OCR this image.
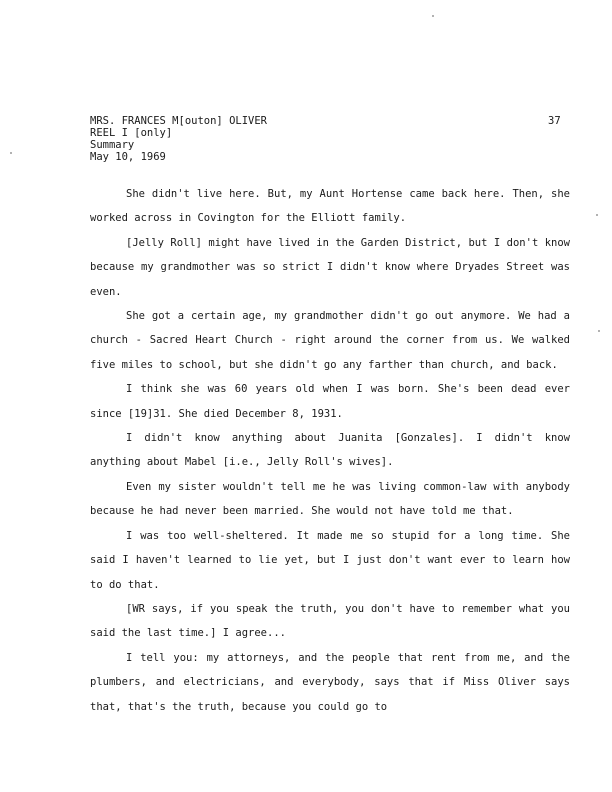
MRS. FRANCES M[outon] OLIVER
REEL I [only]
Summary
May 10, 1969
37

She didn't live here. But, my Aunt Hortense came back here. Then, she worked across in Covington for the Elliott family.

[Jelly Roll] might have lived in the Garden District, but I don't know because my grandmother was so strict I didn't know where Dryades Street was even.

She got a certain age, my grandmother didn't go out anymore. We had a church - Sacred Heart Church - right around the corner from us. We walked five miles to school, but she didn't go any farther than church, and back.

I think she was 60 years old when I was born. She's been dead ever since [19]31. She died December 8, 1931.

I didn't know anything about Juanita [Gonzales]. I didn't know anything about Mabel [i.e., Jelly Roll's wives].

Even my sister wouldn't tell me he was living common-law with anybody because he had never been married. She would not have told me that.

I was too well-sheltered. It made me so stupid for a long time. She said I haven't learned to lie yet, but I just don't want ever to learn how to do that.

[WR says, if you speak the truth, you don't have to remember what you said the last time.] I agree...

I tell you: my attorneys, and the people that rent from me, and the plumbers, and electricians, and everybody, says that if Miss Oliver says that, that's the truth, because you could go to
